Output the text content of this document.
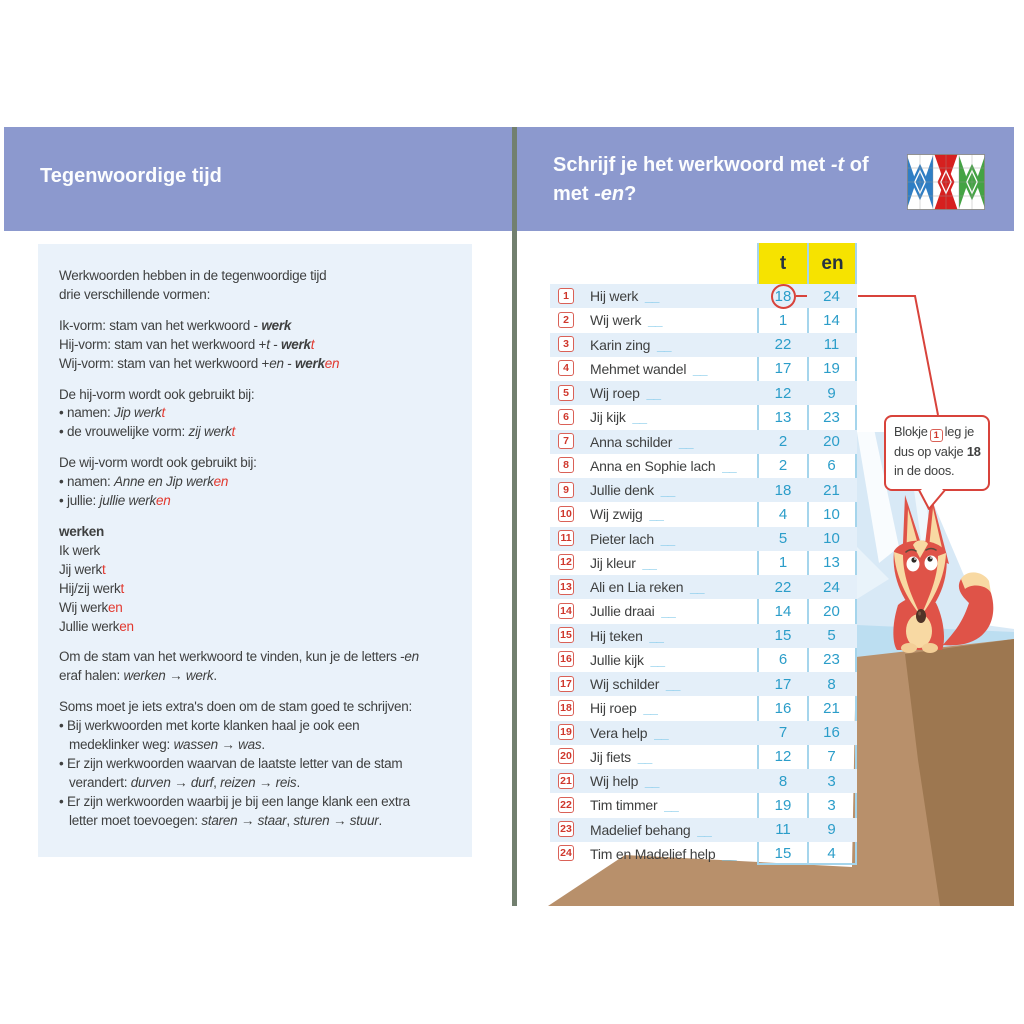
Tegenwoordige tijd
Werkwoorden hebben in de tegenwoordige tijd
drie verschillende vormen:
Ik-vorm: stam van het werkwoord - werk
Hij-vorm: stam van het werkwoord +t - werkt
Wij-vorm: stam van het werkwoord +en - werken
De hij-vorm wordt ook gebruikt bij:
• namen: Jip werkt
• de vrouwelijke vorm: zij werkt
De wij-vorm wordt ook gebruikt bij:
• namen: Anne en Jip werken
• jullie: jullie werken
werken
Ik werk
Jij werkt
Hij/zij werkt
Wij werken
Jullie werken
Om de stam van het werkwoord te vinden, kun je de letters -en
eraf halen: werken → werk.
Soms moet je iets extra's doen om de stam goed te schrijven:
• Bij werkwoorden met korte klanken haal je ook een
medeklinker weg: wassen → was.
• Er zijn werkwoorden waarvan de laatste letter van de stam
verandert: durven → durf, reizen → reis.
• Er zijn werkwoorden waarbij je bij een lange klank een extra
letter moet toevoegen: staren → staar, sturen → stuur.
Schrijf je het werkwoord met -t of
met -en?
t	en
1	Hij werk __	18	24
2	Wij werk __	1	14
3	Karin zing __	22	11
4	Mehmet wandel __	17	19
5	Wij roep __	12	9
6	Jij kijk __	13	23
7	Anna schilder __	2	20
8	Anna en Sophie lach __	2	6
9	Jullie denk __	18	21
10 Wij zwijg __	4	10
11 Pieter lach __	5	10
12 Jij kleur __	1	13
13 Ali en Lia reken __	22	24
14 Jullie draai __	14	20
15 Hij teken __	15	5
16 Jullie kijk __	6	23
17 Wij schilder __	17	8
18 Hij roep __	16	21
19 Vera help __	7	16
20 Jij fiets __	12	7
21 Wij help __	8	3
22 Tim timmer __	19	3
23 Madelief behang __	11	9
24 Tim en Madelief help __	15	4
Blokje 1 leg je
dus op vakje 18
in de doos.
